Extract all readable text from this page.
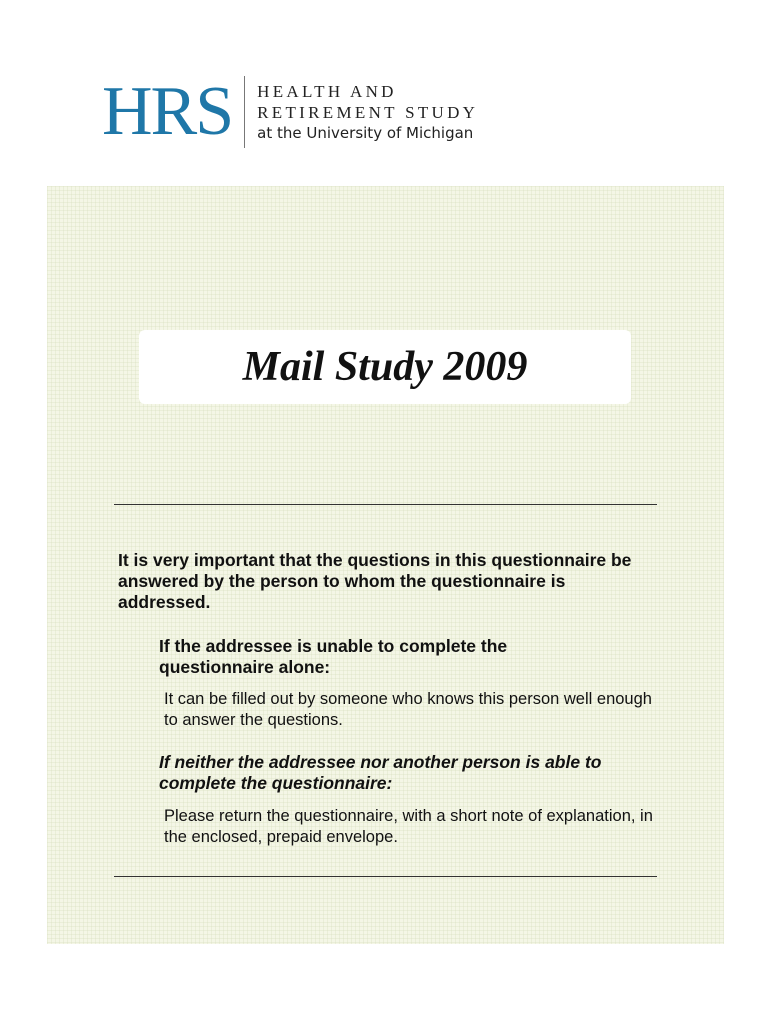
HRS	HEALTH AND
RETIREMENT STUDY
at the University of Michigan
Mail Study 2009
It is very important that the questions in this questionnaire be answered by the person to whom the questionnaire is addressed.
If the addressee is unable to complete the questionnaire alone:
It can be filled out by someone who knows this person well enough to answer the questions.
If neither the addressee nor another person is able to complete the questionnaire:
Please return the questionnaire, with a short note of explanation, in the enclosed, prepaid envelope.
